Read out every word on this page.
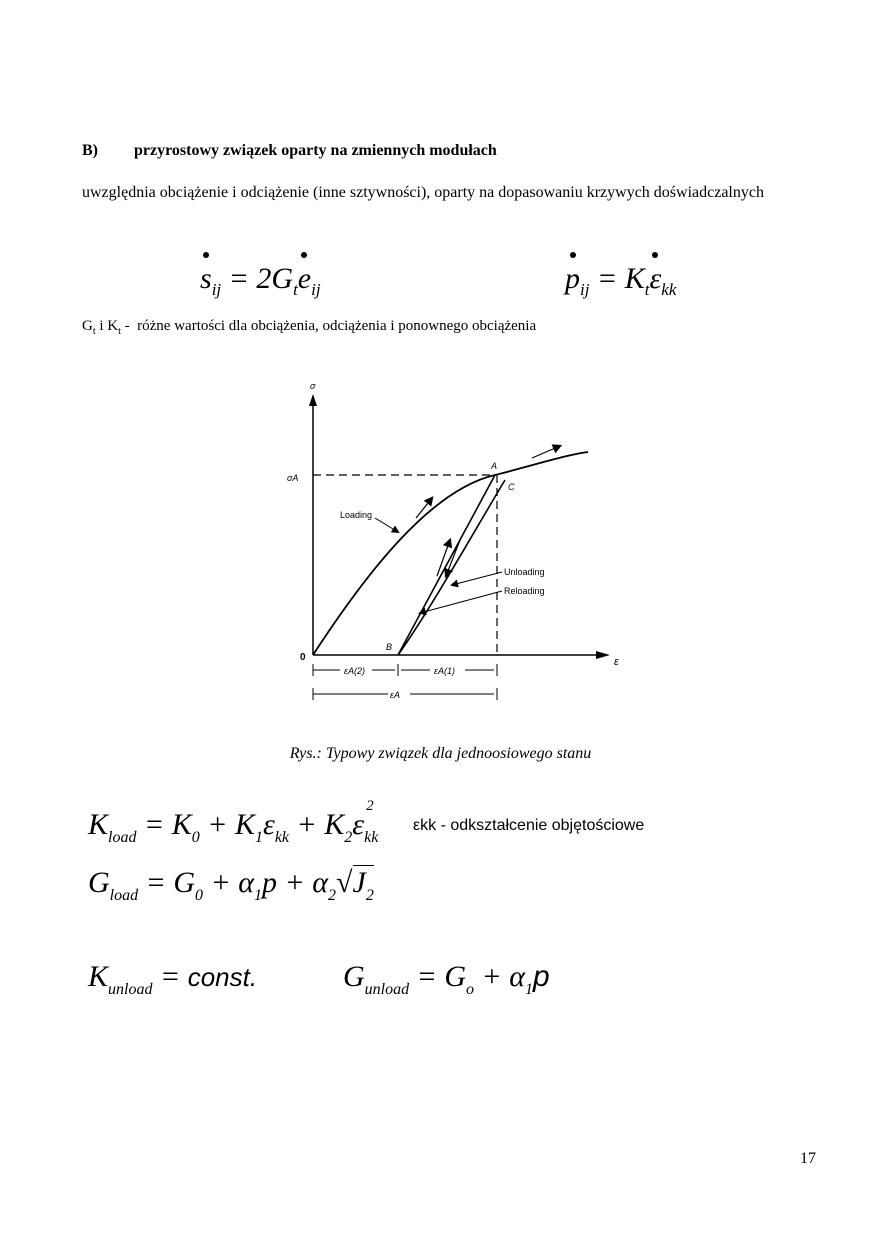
B) przyrostowy związek oparty na zmiennych modułach
uwzględnia obciążenie i odciążenie (inne sztywności), oparty na dopasowaniu krzywych doświadczalnych
$s_{ij} = 2G_te_{ij}$	$p_{ij} = K_t\varepsilon_{kk}$
$G_t$ i $K_t$ -  różne wartości dla obciążenia, odciążenia i ponownego obciążenia
σ
ε
0
σA
A
C
B
Loading
Unloading
Reloading
εA(2)	εA(1)
εA
Rys.: Typowy związek dla jednoosiowego stanu
$K_{load} = K_0 + K_1\varepsilon_{kk} + K_2\varepsilon$
2
$_{kk}$
εkk - odkształcenie objętościowe
$G_{load} = G_0 + \alpha_1p + \alpha_2√J_2$
$K_{unload}$ = const.	$G_{unload} = G_o + \alpha_1p$
17
